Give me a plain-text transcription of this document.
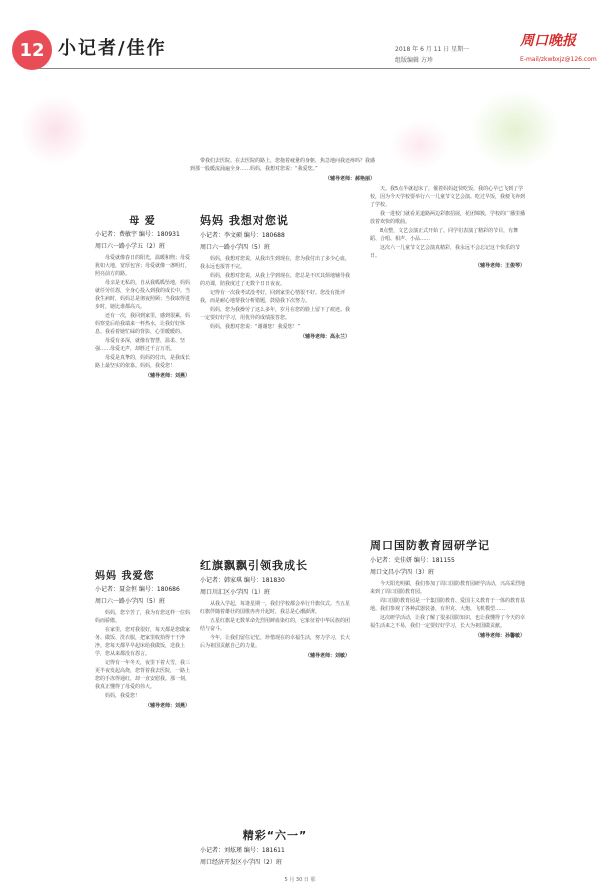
12 小记者/佳作	2018 年 6 月 11 日 星期一
组版编辑 方珍
周口晚报
E-mail/zkwbxjz@126.com

带我们去医院。在去医院的路上，您拖着疲惫的身躯，焦急地问我还疼吗？我感到那一股暖流涌遍全身……妈妈，我想对您说：“我爱您。”

（辅导老师：郝艳丽）
母 爱
小记者：费敏宇 编号：180931
周口六一路小学五（2）班

母爱就像春日的阳光，温暖和煦；母爱犹如大地，宽厚包容；母爱就像一盏明灯，照亮前方的路。

母亲是无私的。自从我呱呱坠地，妈妈就任劳任怨，全身心投入到我的成长中。当我生病时，妈妈总是彻夜照顾；当我取得进步时，她比谁都高兴。

还有一次，我回到家里，感到很累，妈妈察觉后给我端来一杯热水，让我好好休息。我看着她忙碌的背影，心里暖暖的。

母爱有多深，就像有智慧，温柔、坚强……母爱无声，却胜过千言万语。

母爱是真挚的，妈妈的付出，是我成长路上最坚实的依靠。妈妈，我爱您！

（辅导老师：刘燕）
妈妈 我爱您
小记者：聂金恒 编号：180686
周口六一路小学四（5）班

妈妈，您辛苦了，我为有您这样一位妈妈而骄傲。

在家里，您对我很好，每天都是您做家务、做饭、洗衣服，把家里收拾得干干净净。您每天都早早起床给我做饭，送我上学，您从来都没有怨言。

记得有一年冬天，夜里下着大雪，我三更半夜发起高烧，您背着我去医院，一路上您的手冻得通红，却一直安慰我。那一刻，我真正懂得了母爱的伟大。

妈妈，我爱您！

（辅导老师：刘燕）
妈妈 我想对您说
小记者：李文硕 编号：180688
周口六一路小学四（5）班

妈妈，我想对您说，从我出生到现在，您为我付出了多少心血，我永远也报答不完。

妈妈，我想对您说，从我上学到现在，您总是不厌其烦地辅导我的功课，陪我度过了无数个日日夜夜。

记得有一次我考试没考好，回到家里心情很不好。您没有批评我，而是耐心地帮我分析错题，鼓励我下次努力。

妈妈，您为我操劳了这么多年，岁月在您的脸上留下了痕迹。我一定要好好学习，用优异的成绩报答您。

妈妈，我想对您说：“谢谢您！我爱您！”

（辅导老师：高永兰）
红旗飘飘引领我成长
小记者：韩家琪 编号：181830
周口川汇区小学四（1）班

从我入学起，每逢星期一，我们学校都会举行升旗仪式。当五星红旗伴随着雄壮的国歌冉冉升起时，我总是心潮澎湃。

五星红旗是无数革命先烈用鲜血染红的，它象征着中华民族的团结与奋斗。

今年，让我们留住记忆，珍惜现在的幸福生活，努力学习，长大后为祖国贡献自己的力量。

（辅导老师：刘敏）
精彩“六一”
小记者：刘炫瑾 编号：181611
周口经济开发区小学四（2）班

天。我5点半就起床了，催着妈妈赶快吃饭，我的心早已飞到了学校，因为今天学校要举行六一儿童节文艺会演。吃过早饭，我便飞奔到了学校。

我一进校门就看见道路两边彩旗招展，花团锦簇，学校的广播里播放着欢快的歌曲。

8点整，文艺会演正式开始了。同学们表演了精彩的节目，有舞蹈、合唱、相声、小品……

这次六一儿童节文艺会演真精彩，我永远不会忘记这个快乐的节日。

（辅导老师：王俊琴）
周口国防教育园研学记
小记者：史佳妍 编号：181155
周口文昌小学四（3）班

今天阳光明媚，我们参加了周口国防教育园研学活动，兴高采烈地来到了周口国防教育园。

周口国防教育园是一个集国防教育、爱国主义教育于一体的教育基地。我们参观了各种武器装备，有坦克、大炮、飞机模型……

这次研学活动，让我了解了很多国防知识，也让我懂得了今天的幸福生活来之不易，我们一定要好好学习，长大为祖国做贡献。

（辅导老师：孙馨敏）
5 月 30 日 那
